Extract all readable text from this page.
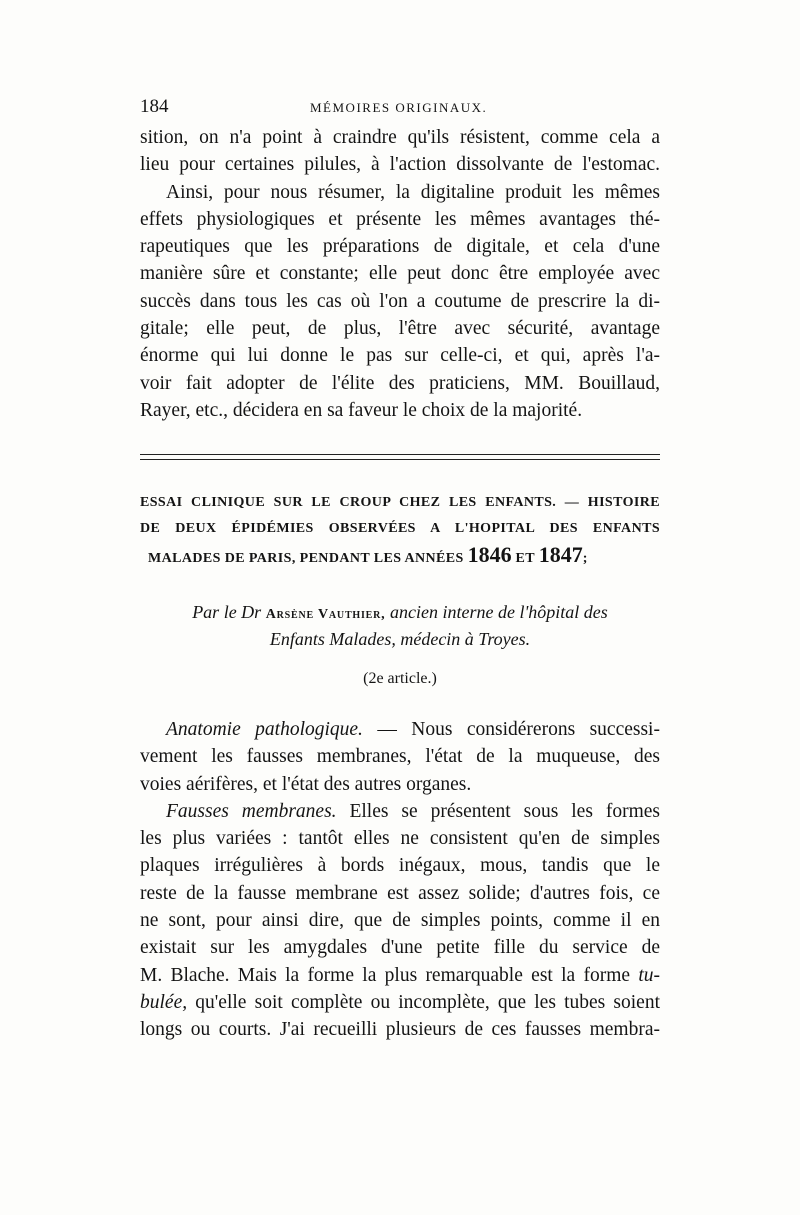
184	MÉMOIRES ORIGINAUX.

sition, on n'a point à craindre qu'ils résistent, comme cela a

lieu pour certaines pilules, à l'action dissolvante de l'estomac.

Ainsi, pour nous résumer, la digitaline produit les mêmes

effets physiologiques et présente les mêmes avantages thé-

rapeutiques que les préparations de digitale, et cela d'une

manière sûre et constante; elle peut donc être employée avec

succès dans tous les cas où l'on a coutume de prescrire la di-

gitale; elle peut, de plus, l'être avec sécurité, avantage

énorme qui lui donne le pas sur celle-ci, et qui, après l'a-

voir fait adopter de l'élite des praticiens, MM. Bouillaud,

Rayer, etc., décidera en sa faveur le choix de la majorité.

ESSAI CLINIQUE SUR LE CROUP CHEZ LES ENFANTS. — HISTOIRE
DE DEUX ÉPIDÉMIES OBSERVÉES A L'HOPITAL DES ENFANTS
MALADES DE PARIS, PENDANT LES ANNÉES 1846 ET 1847;
Par le Dr Arsène Vauthier, ancien interne de l'hôpital des
Enfants Malades, médecin à Troyes.
(2e article.)

Anatomie pathologique. — Nous considérerons successi-

vement les fausses membranes, l'état de la muqueuse, des

voies aérifères, et l'état des autres organes.

Fausses membranes. Elles se présentent sous les formes

les plus variées : tantôt elles ne consistent qu'en de simples

plaques irrégulières à bords inégaux, mous, tandis que le

reste de la fausse membrane est assez solide; d'autres fois, ce

ne sont, pour ainsi dire, que de simples points, comme il en

existait sur les amygdales d'une petite fille du service de

M. Blache. Mais la forme la plus remarquable est la forme tu-

bulée, qu'elle soit complète ou incomplète, que les tubes soient

longs ou courts. J'ai recueilli plusieurs de ces fausses membra-
